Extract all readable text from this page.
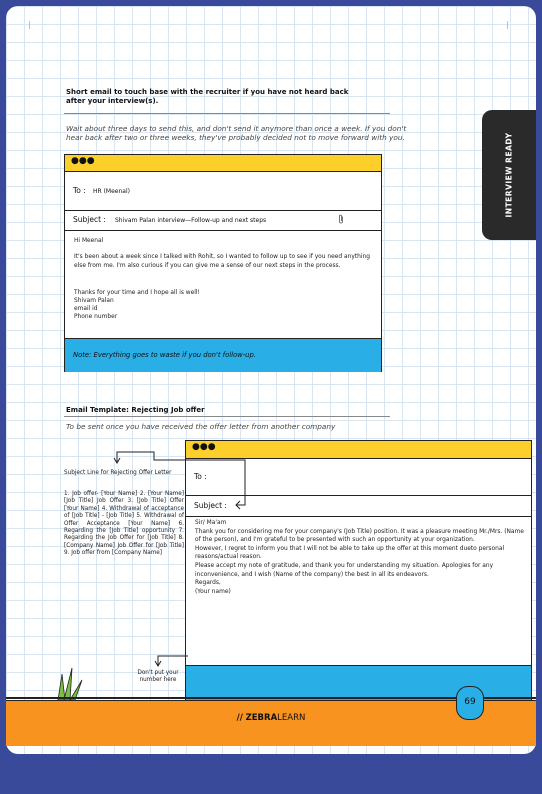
|	|
INTERVIEW READY
Short email to touch base with the recruiter if you have not heard back after your interview(s).
Wait about three days to send this, and don't send it anymore than once a week. If you don't hear back after two or three weeks, they've probably decided not to move forward with you.
●●●
To : HR (Meenal)
Subject : Shivam Palan interview—Follow-up and next steps
Hi Meenal
It's been about a week since I talked with Rohit, so I wanted to follow up to see if you need anything else from me. I'm also curious if you can give me a sense of our next steps in the process.
Thanks for your time and I hope all is well!
Shivam Palan
email id
Phone number
Note: Everything goes to waste if you don't follow-up.
Email Template: Rejecting Job offer
To be sent once you have received the offer letter from another company
Subject Line for Rejecting Offer Letter
1. Job offer- [Your Name] 2. [Your Name] [Job Title] Job Offer 3. [Job Title] Offer [Your Name] 4. Withdrawal of acceptance of [Job Title] - [Job Title] 5. Withdrawal of Offer Acceptance [Your Name] 6. Regarding the [Job Title] opportunity 7. Regarding the Job Offer for [Job Title] 8. [Company Name] Job Offer for [Job Title] 9. Job offer from [Company Name]
Don't put your number here
●●●
To :
Subject :
Sir/ Ma'am
Thank you for considering me for your company's (Job Title) position. It was a pleasure meeting Mr./Mrs. (Name of the person), and I'm grateful to be presented with such an opportunity at your organization.
However, I regret to inform you that I will not be able to take up the offer at this moment dueto personal reasons/actual reason.
Please accept my note of gratitude, and thank you for understanding my situation. Apologies for any inconvenience, and I wish (Name of the company) the best in all its endeavors.
Regards,
(Your name)
// ZEBRALEARN
69
